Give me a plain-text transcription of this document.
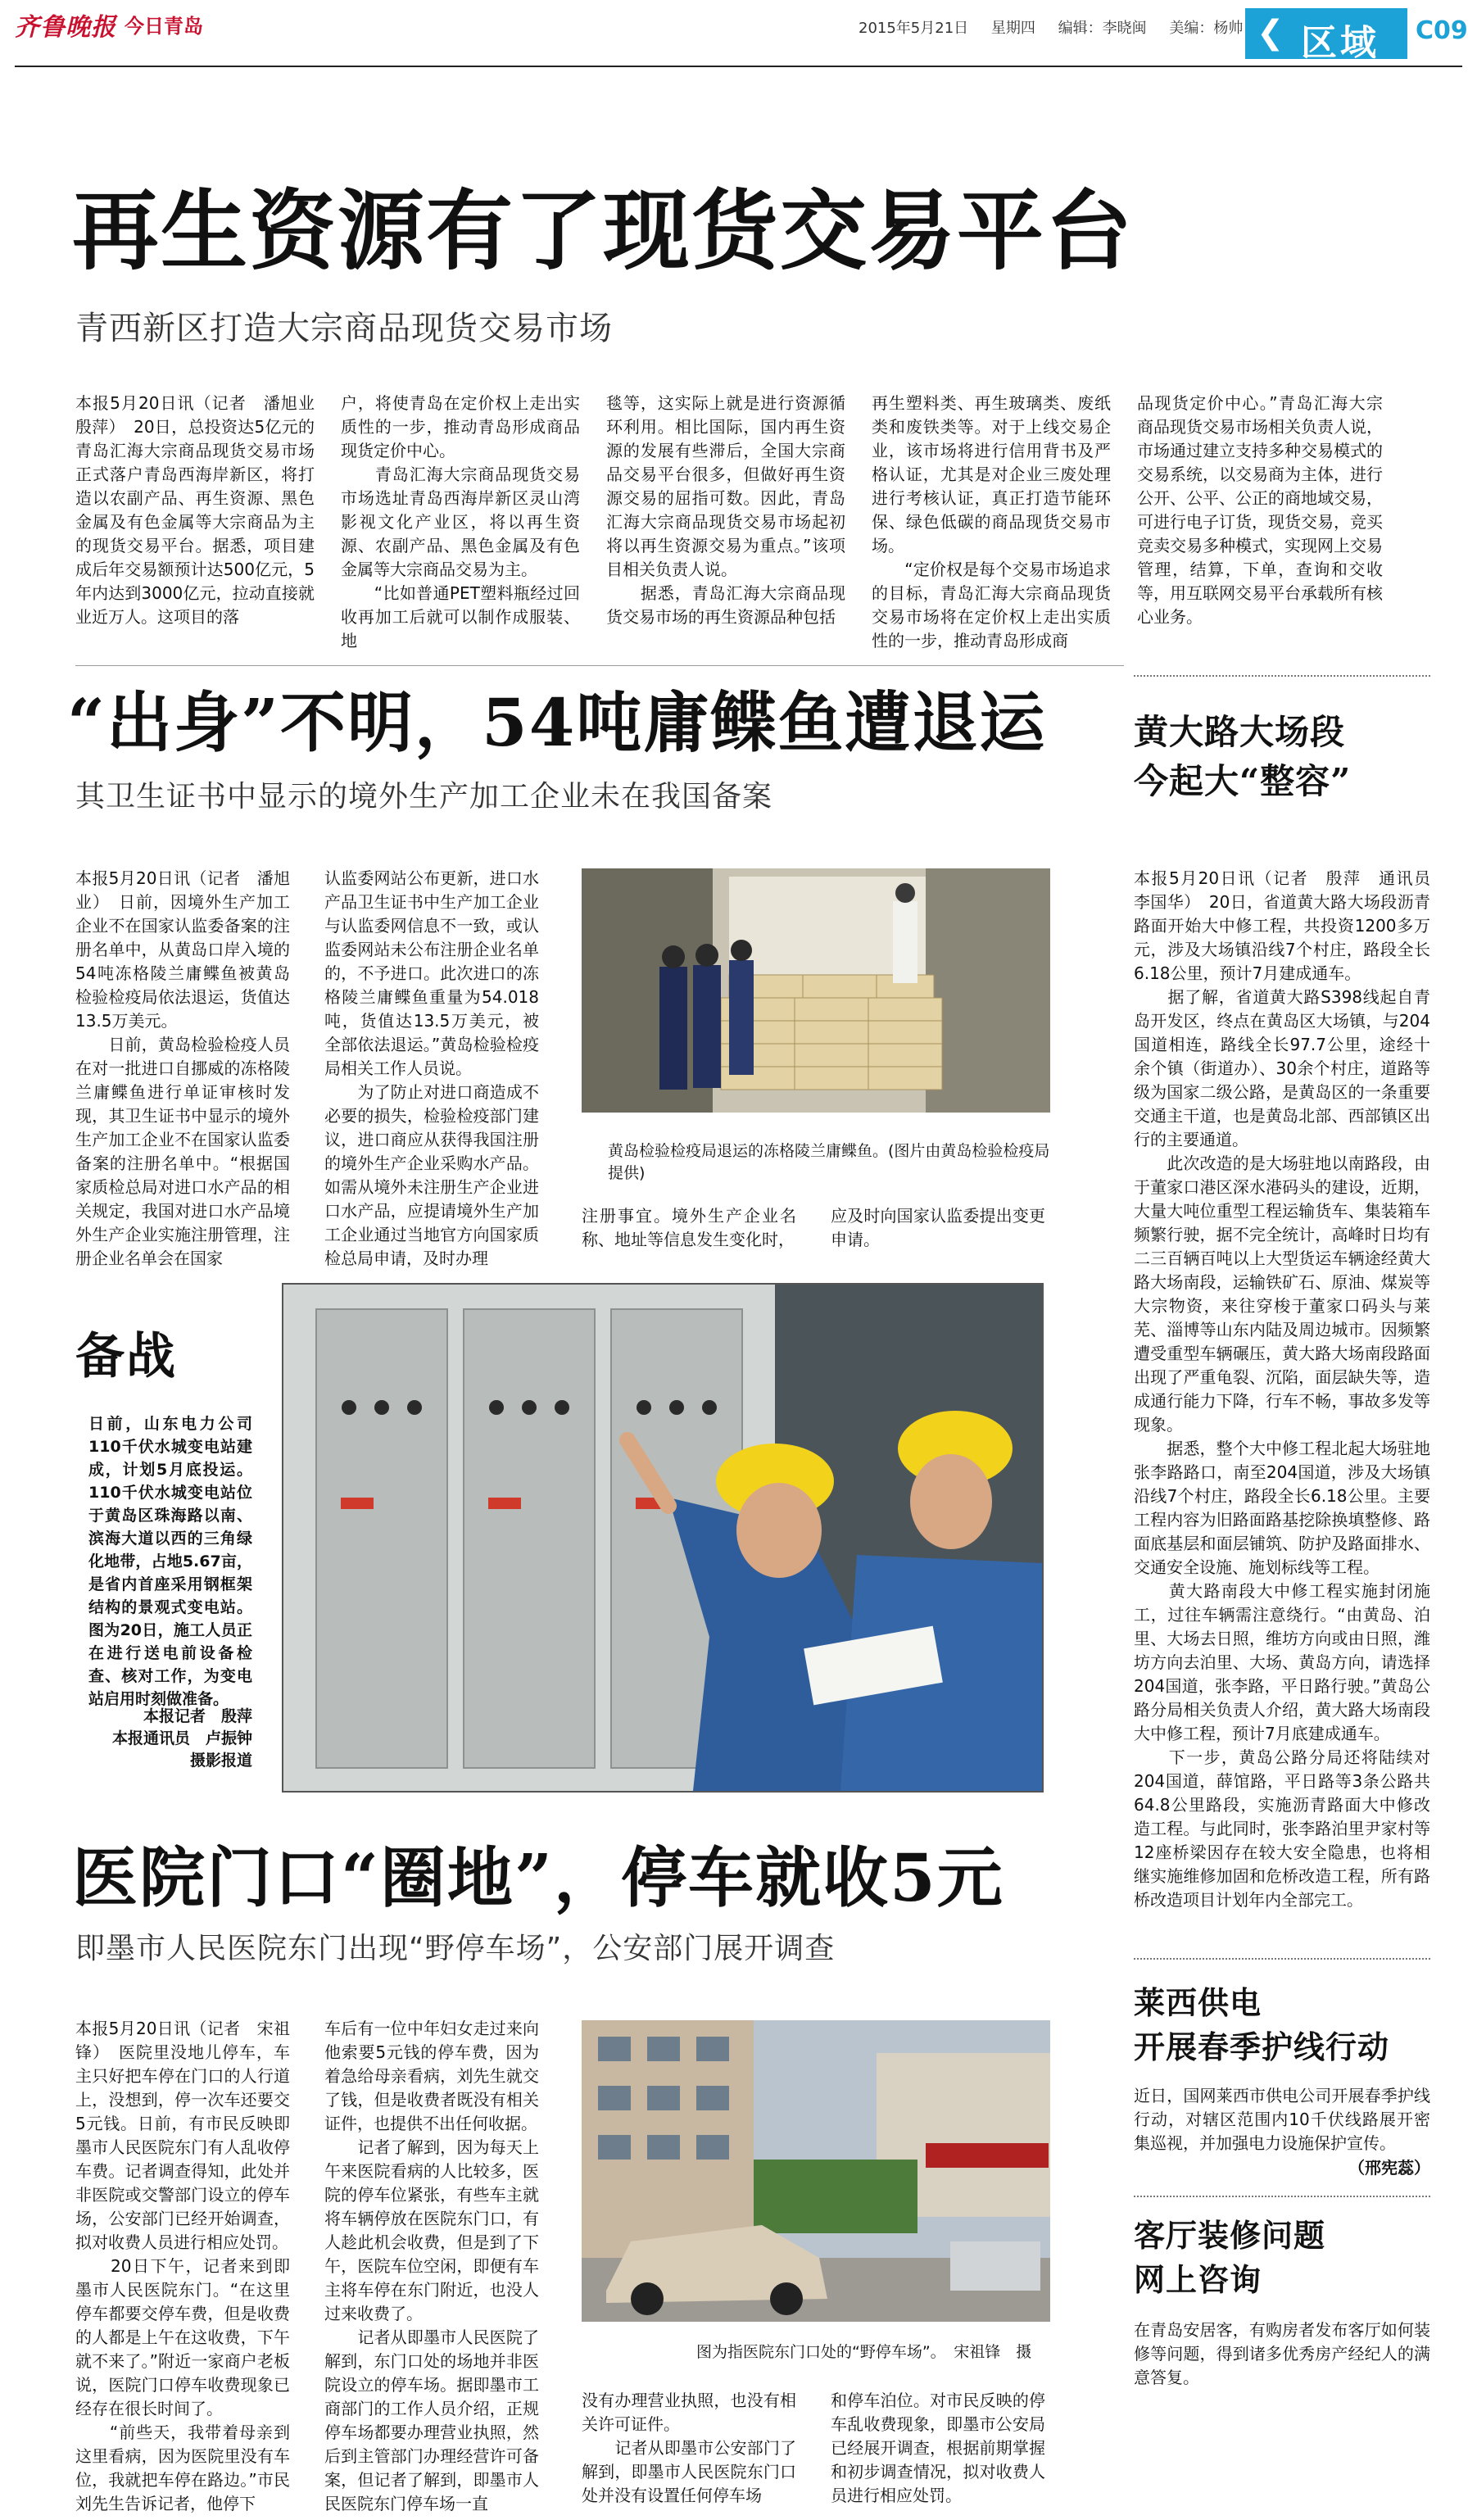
齐鲁晚报 今日青岛	2015年5月21日 星期四 编辑：李晓闽 美编：杨帅 ❮ 区域 C09
再生资源有了现货交易平台
青西新区打造大宗商品现货交易市场
本报5月20日讯（记者　潘旭业　殷萍）　20日，总投资达5亿元的青岛汇海大宗商品现货交易市场正式落户青岛西海岸新区，将打造以农副产品、再生资源、黑色金属及有色金属等大宗商品为主的现货交易平台。据悉，项目建成后年交易额预计达500亿元，5年内达到3000亿元，拉动直接就业近万人。这项目的落
户，将使青岛在定价权上走出实质性的一步，推动青岛形成商品现货定价中心。
　　青岛汇海大宗商品现货交易市场选址青岛西海岸新区灵山湾影视文化产业区，将以再生资源、农副产品、黑色金属及有色金属等大宗商品交易为主。
　　“比如普通PET塑料瓶经过回收再加工后就可以制作成服装、地
毯等，这实际上就是进行资源循环利用。相比国际，国内再生资源的发展有些滞后，全国大宗商品交易平台很多，但做好再生资源交易的屈指可数。因此，青岛汇海大宗商品现货交易市场起初将以再生资源交易为重点。”该项目相关负责人说。
　　据悉，青岛汇海大宗商品现货交易市场的再生资源品种包括
再生塑料类、再生玻璃类、废纸类和废铁类等。对于上线交易企业，该市场将进行信用背书及严格认证，尤其是对企业三废处理进行考核认证，真正打造节能环保、绿色低碳的商品现货交易市场。
　　“定价权是每个交易市场追求的目标，青岛汇海大宗商品现货交易市场将在定价权上走出实质性的一步，推动青岛形成商
品现货定价中心。”青岛汇海大宗商品现货交易市场相关负责人说，市场通过建立支持多种交易模式的交易系统，以交易商为主体，进行公开、公平、公正的商地域交易，可进行电子订货，现货交易，竞买竞卖交易多种模式，实现网上交易管理，结算，下单，查询和交收等，用互联网交易平台承载所有核心业务。
“出身”不明，54吨庸鲽鱼遭退运
其卫生证书中显示的境外生产加工企业未在我国备案
本报5月20日讯（记者　潘旭业）　日前，因境外生产加工企业不在国家认监委备案的注册名单中，从黄岛口岸入境的54吨冻格陵兰庸鲽鱼被黄岛检验检疫局依法退运，货值达13.5万美元。
　　日前，黄岛检验检疫人员在对一批进口自挪威的冻格陵兰庸鲽鱼进行单证审核时发现，其卫生证书中显示的境外生产加工企业不在国家认监委备案的注册名单中。“根据国家质检总局对进口水产品的相关规定，我国对进口水产品境外生产企业实施注册管理，注册企业名单会在国家
认监委网站公布更新，进口水产品卫生证书中生产加工企业与认监委网信息不一致，或认监委网站未公布注册企业名单的，不予进口。此次进口的冻格陵兰庸鲽鱼重量为54.018吨，货值达13.5万美元，被全部依法退运。”黄岛检验检疫局相关工作人员说。
　　为了防止对进口商造成不必要的损失，检验检疫部门建议，进口商应从获得我国注册的境外生产企业采购水产品。如需从境外未注册生产企业进口水产品，应提请境外生产加工企业通过当地官方向国家质检总局申请，及时办理
黄岛检验检疫局退运的冻格陵兰庸鲽鱼。(图片由黄岛检验检疫局提供)
注册事宜。境外生产企业名称、地址等信息发生变化时，
应及时向国家认监委提出变更申请。
备战
日前，山东电力公司110千伏水城变电站建成，计划5月底投运。110千伏水城变电站位于黄岛区珠海路以南、滨海大道以西的三角绿化地带，占地5.67亩，是省内首座采用钢框架结构的景观式变电站。图为20日，施工人员正在进行送电前设备检查、核对工作，为变电站启用时刻做准备。
本报记者　殷萍
本报通讯员　卢振钟
摄影报道
医院门口“圈地”，停车就收5元
即墨市人民医院东门出现“野停车场”，公安部门展开调查
本报5月20日讯（记者　宋祖锋）　医院里没地儿停车，车主只好把车停在门口的人行道上，没想到，停一次车还要交5元钱。日前，有市民反映即墨市人民医院东门有人乱收停车费。记者调查得知，此处并非医院或交警部门设立的停车场，公安部门已经开始调查，拟对收费人员进行相应处罚。
　　20日下午，记者来到即墨市人民医院东门。“在这里停车都要交停车费，但是收费的人都是上午在这收费，下午就不来了。”附近一家商户老板说，医院门口停车收费现象已经存在很长时间了。
　　“前些天，我带着母亲到这里看病，因为医院里没有车位，我就把车停在路边。”市民刘先生告诉记者，他停下
车后有一位中年妇女走过来向他索要5元钱的停车费，因为着急给母亲看病，刘先生就交了钱，但是收费者既没有相关证件，也提供不出任何收据。
　　记者了解到，因为每天上午来医院看病的人比较多，医院的停车位紧张，有些车主就将车辆停放在医院东门口，有人趁此机会收费，但是到了下午，医院车位空闲，即便有车主将车停在东门附近，也没人过来收费了。
　　记者从即墨市人民医院了解到，东门口处的场地并非医院设立的停车场。据即墨市工商部门的工作人员介绍，正规停车场都要办理营业执照，然后到主管部门办理经营许可备案，但记者了解到，即墨市人民医院东门停车场一直
图为指医院东门口处的“野停车场”。　宋祖锋　摄
没有办理营业执照，也没有相关许可证件。
　　记者从即墨市公安部门了解到，即墨市人民医院东门口处并没有设置任何停车场
和停车泊位。对市民反映的停车乱收费现象，即墨市公安局已经展开调查，根据前期掌握和初步调查情况，拟对收费人员进行相应处罚。
黄大路大场段
今起大“整容”
本报5月20日讯（记者　殷萍　通讯员　李国华）　20日，省道黄大路大场段沥青路面开始大中修工程，共投资1200多万元，涉及大场镇沿线7个村庄，路段全长6.18公里，预计7月建成通车。
　　据了解，省道黄大路S398线起自青岛开发区，终点在黄岛区大场镇，与204国道相连，路线全长97.7公里，途经十余个镇（街道办）、30余个村庄，道路等级为国家二级公路，是黄岛区的一条重要交通主干道，也是黄岛北部、西部镇区出行的主要通道。
　　此次改造的是大场驻地以南路段，由于董家口港区深水港码头的建设，近期，大量大吨位重型工程运输货车、集装箱车频繁行驶，据不完全统计，高峰时日均有二三百辆百吨以上大型货运车辆途经黄大路大场南段，运输铁矿石、原油、煤炭等大宗物资，来往穿梭于董家口码头与莱芜、淄博等山东内陆及周边城市。因频繁遭受重型车辆碾压，黄大路大场南段路面出现了严重龟裂、沉陷，面层缺失等，造成通行能力下降，行车不畅，事故多发等现象。
　　据悉，整个大中修工程北起大场驻地张李路路口，南至204国道，涉及大场镇沿线7个村庄，路段全长6.18公里。主要工程内容为旧路面路基挖除换填整修、路面底基层和面层铺筑、防护及路面排水、交通安全设施、施划标线等工程。
　　黄大路南段大中修工程实施封闭施工，过往车辆需注意绕行。“由黄岛、泊里、大场去日照，维坊方向或由日照，潍坊方向去泊里、大场、黄岛方向，请选择204国道，张李路，平日路行驶。”黄岛公路分局相关负责人介绍，黄大路大场南段大中修工程，预计7月底建成通车。
　　下一步，黄岛公路分局还将陆续对204国道，薛馆路，平日路等3条公路共64.8公里路段，实施沥青路面大中修改造工程。与此同时，张李路泊里尹家村等12座桥梁因存在较大安全隐患，也将相继实施维修加固和危桥改造工程，所有路桥改造项目计划年内全部完工。
莱西供电
开展春季护线行动
近日，国网莱西市供电公司开展春季护线行动，对辖区范围内10千伏线路展开密集巡视，并加强电力设施保护宣传。
（邢宪蕊）
客厅装修问题
网上咨询
在青岛安居客，有购房者发布客厅如何装修等问题，得到诸多优秀房产经纪人的满意答复。
